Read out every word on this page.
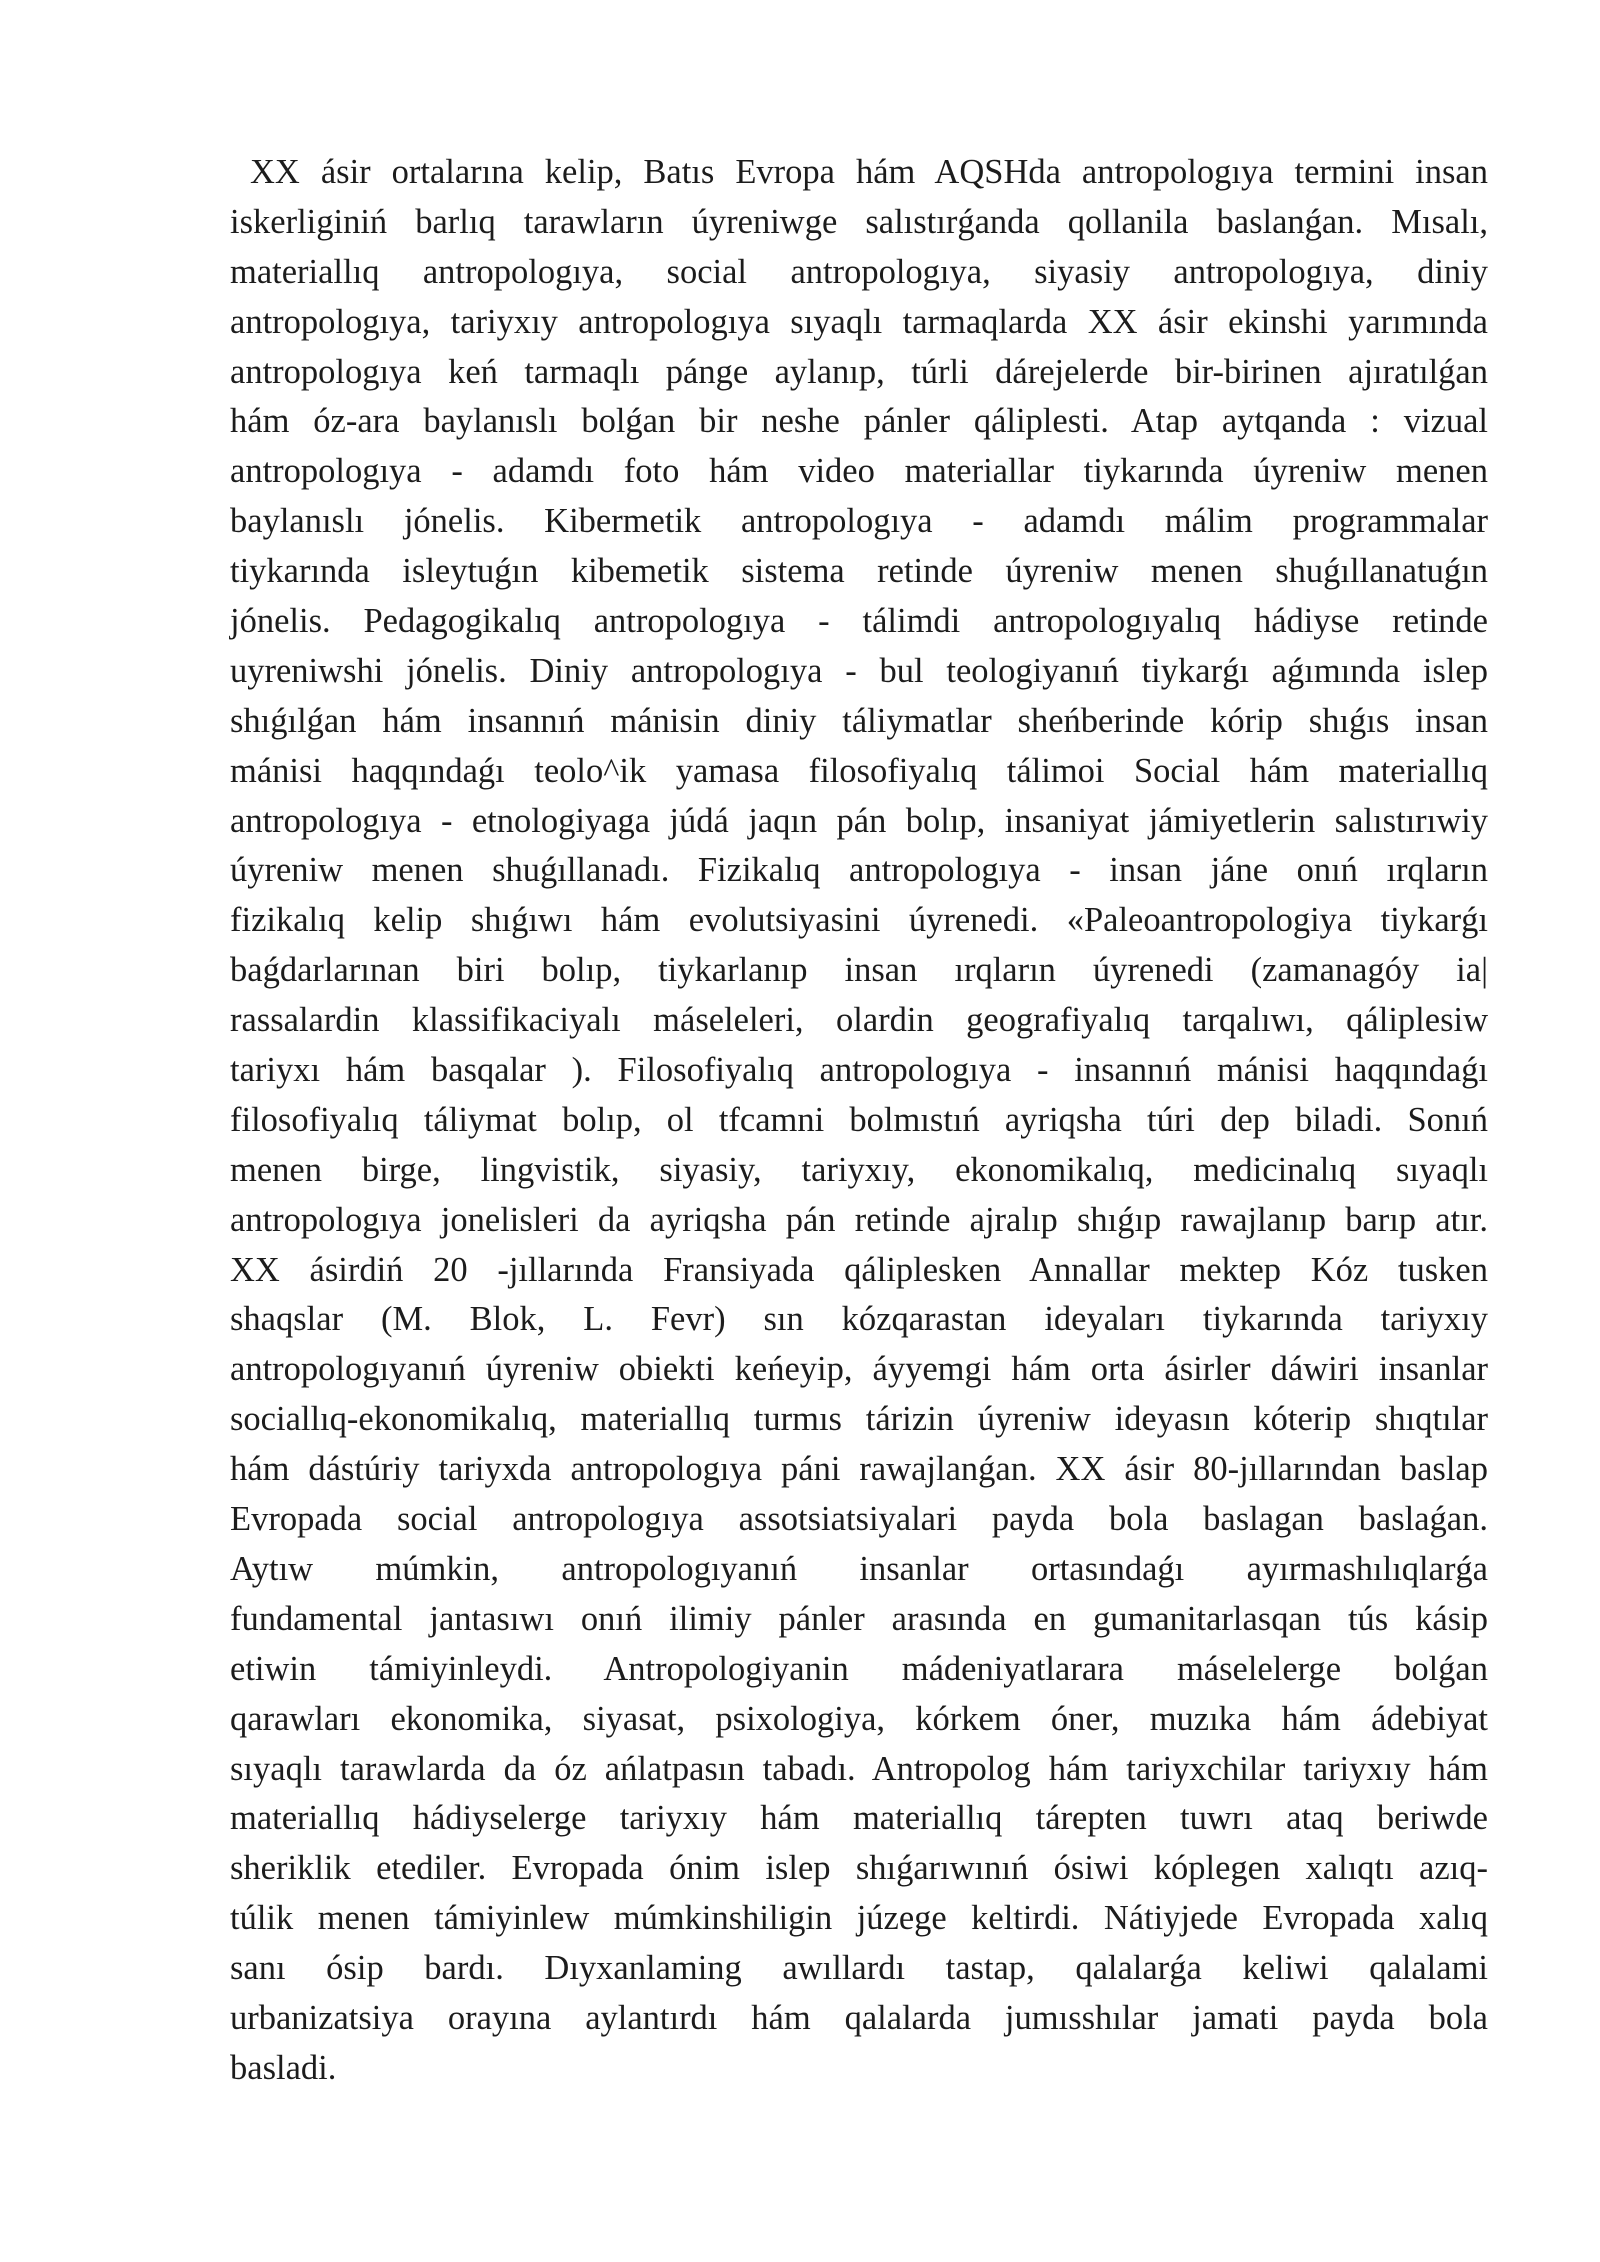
XX ásir ortalarına kelip, Batıs Evropa hám AQSHda antropologıya termini insan
iskerliginiń barlıq tarawların úyreniwge salıstırǵanda qollanila baslanǵan. Mısalı,
materiallıq antropologıya, social antropologıya, siyasiy antropologıya, diniy
antropologıya, tariyxıy antropologıya sıyaqlı tarmaqlarda XX ásir ekinshi yarımında
antropologıya keń tarmaqlı pánge aylanıp, túrli dárejelerde bir-birinen ajıratılǵan
hám óz-ara baylanıslı bolǵan bir neshe pánler qáliplesti. Atap aytqanda : vizual
antropologıya - adamdı foto hám video materiallar tiykarında úyreniw menen
baylanıslı jónelis. Kibermetik antropologıya - adamdı málim programmalar
tiykarında isleytuǵın kibemetik sistema retinde úyreniw menen shuǵıllanatuǵın
jónelis. Pedagogikalıq antropologıya - tálimdi antropologıyalıq hádiyse retinde
uyreniwshi jónelis. Diniy antropologıya - bul teologiyanıń tiykarǵı aǵımında islep
shıǵılǵan hám insannıń mánisin diniy táliymatlar sheńberinde kórip shıǵıs insan
mánisi haqqındaǵı teolo^ik yamasa filosofiyalıq tálimoi Social hám materiallıq
antropologıya - etnologiyaga júdá jaqın pán bolıp, insaniyat jámiyetlerin salıstırıwiy
úyreniw menen shuǵıllanadı. Fizikalıq antropologıya - insan jáne onıń ırqların
fizikalıq kelip shıǵıwı hám evolutsiyasini úyrenedi. «Paleoantropologiya tiykarǵı
baǵdarlarınan biri bolıp, tiykarlanıp insan ırqların úyrenedi (zamanagóy ia|
rassalardin klassifikaciyalı máseleleri, olardin geografiyalıq tarqalıwı, qáliplesiw
tariyxı hám basqalar ). Filosofiyalıq antropologıya - insannıń mánisi haqqındaǵı
filosofiyalıq táliymat bolıp, ol tfcamni bolmıstıń ayriqsha túri dep biladi. Sonıń
menen birge, lingvistik, siyasiy, tariyxıy, ekonomikalıq, medicinalıq sıyaqlı
antropologıya jonelisleri da ayriqsha pán retinde ajralıp shıǵıp rawajlanıp barıp atır.
XX ásirdiń 20 -jıllarında Fransiyada qáliplesken Annallar mektep Kóz tusken
shaqslar (M. Blok, L. Fevr) sın kózqarastan ideyaları tiykarında tariyxıy
antropologıyanıń úyreniw obiekti keńeyip, áyyemgi hám orta ásirler dáwiri insanlar
sociallıq-ekonomikalıq, materiallıq turmıs tárizin úyreniw ideyasın kóterip shıqtılar
hám dástúriy tariyxda antropologıya páni rawajlanǵan. XX ásir 80-jıllarından baslap
Evropada social antropologıya assotsiatsiyalari payda bola baslagan baslaǵan.
Aytıw múmkin, antropologıyanıń insanlar ortasındaǵı ayırmashılıqlarǵa
fundamental jantasıwı onıń ilimiy pánler arasında en gumanitarlasqan tús kásip
etiwin támiyinleydi. Antropologiyanin mádeniyatlarara máselelerge bolǵan
qarawları ekonomika, siyasat, psixologiya, kórkem óner, muzıka hám ádebiyat
sıyaqlı tarawlarda da óz ańlatpasın tabadı. Antropolog hám tariyxchilar tariyxıy hám
materiallıq hádiyselerge tariyxıy hám materiallıq tárepten tuwrı ataq beriwde
sheriklik etediler. Evropada ónim islep shıǵarıwınıń ósiwi kóplegen xalıqtı azıq-
túlik menen támiyinlew múmkinshiligin júzege keltirdi. Nátiyjede Evropada xalıq
sanı ósip bardı. Dıyxanlaming awıllardı tastap, qalalarǵa keliwi qalalami
urbanizatsiya orayına aylantırdı hám qalalarda jumısshılar jamati payda bola
basladi.
